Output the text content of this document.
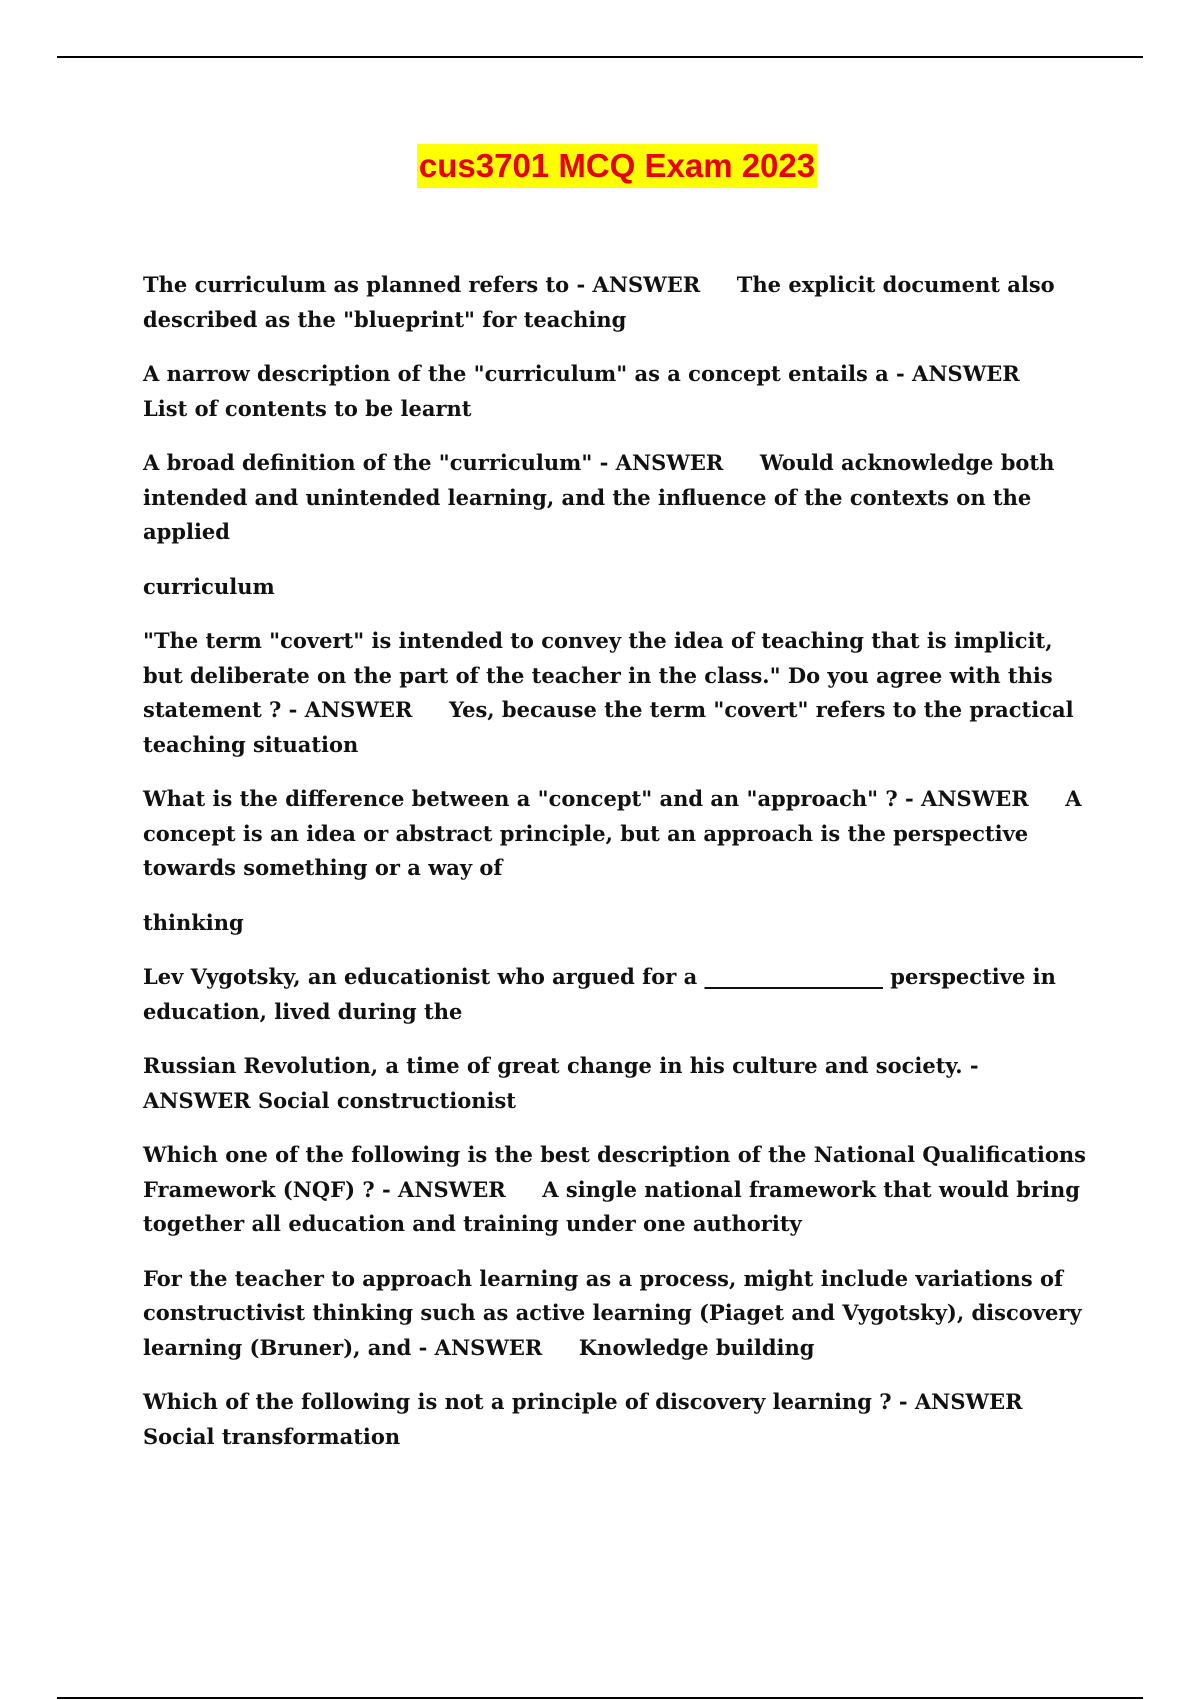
cus3701 MCQ Exam 2023

The curriculum as planned refers to - ANSWER     The explicit document also described as the "blueprint" for teaching

A narrow description of the "curriculum" as a concept entails a - ANSWER     List of contents to be learnt

A broad definition of the "curriculum" - ANSWER     Would acknowledge both intended and unintended learning, and the influence of the contexts on the applied

curriculum

"The term "covert" is intended to convey the idea of teaching that is implicit, but deliberate on the part of the teacher in the class." Do you agree with this statement ? - ANSWER     Yes, because the term "covert" refers to the practical teaching situation

What is the difference between a "concept" and an "approach" ? - ANSWER     A concept is an idea or abstract principle, but an approach is the perspective towards something or a way of

thinking

Lev Vygotsky, an educationist who argued for a _________________ perspective in education, lived during the

Russian Revolution, a time of great change in his culture and society. - ANSWER Social constructionist

Which one of the following is the best description of the National Qualifications Framework (NQF) ? - ANSWER     A single national framework that would bring together all education and training under one authority

For the teacher to approach learning as a process, might include variations of constructivist thinking such as active learning (Piaget and Vygotsky), discovery learning (Bruner), and - ANSWER     Knowledge building

Which of the following is not a principle of discovery learning ? - ANSWER     Social transformation
